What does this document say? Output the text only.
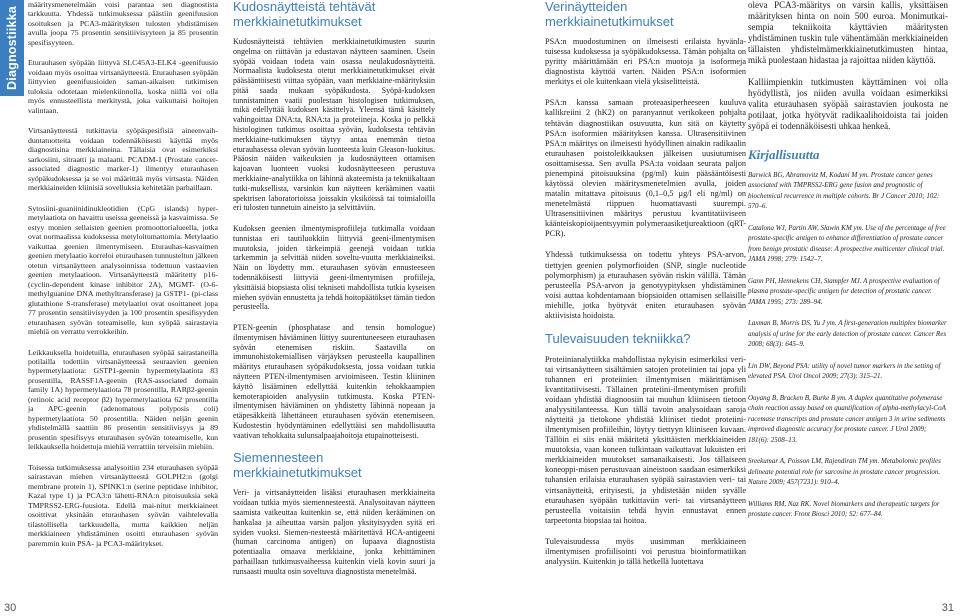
Diagnostiikka

määritysmenetelmään voisi parantaa sen diagnostista tarkkuutta. Yhdessä tutkimuksessa päästiin geenifuusion osoituksen ja PCA3-määrityksen tulosten yhdistämisen avulla joopa 75 prosentin sensitiivisyyteen ja 85 prosentin spesifisyyteen.

Eturauhasen syöpään liittyvä SLC45A3-ELK4 -geenifuusio voidaan myös osoittaa virtsanäytteestä. Eturauhasen syöpään liittyvien geenifuusioiden saman-aikaisen tutkimisen tuloksia odotetaan mielenkiinnolla, koska niillä voi olla myös ennusteellista merkitystä, joka vaikuttaisi hoitojen valintaan.

Virtsanäytteestä tutkittavia syöpäspesifisiä aineenvaih-duntatuotteita voidaan todennäköisesti käyttää myös diagnostisina merkkiaineina. Tällaisia ovat esimerkiksi sarkosiini, sitraatti ja malaatti. PCADM-1 (Prostate cancer-associated diagnostic marker-1) ilmentyy eturauhasen syöpäkudoksessa ja se voi määrittää myös virtsasta. Näiden merkkiaineiden kliinisiä sovelluksia kehitetään parhaillaan.

Sytosiini-guaniinidinukleotidien (CpG islands) hyper-metylaatiota on havaittu useissa geeneissä ja kasvaimissa. Se estyy monien sellaisten geenien promoottorialueella, jotka ovat normaalissa kudoksessa metyloitumattomia. Metylaatio vaikuttaa geenien ilmentymiseen. Eturauhas-kasvaimen geenien metylaatio korreloi eturauhasen tunnusteltun jälkeen otetun virtsanäytteen analysoinnissa todettuun vastaavien geenien metylaatioon. Virtsanäytteestä määritetty p16- (cyclin-dependent kinase inhibitor 2A), MGMT- (O-6-methylguanine DNA methyltransferase) ja GSTP1- (pi-class glutathione S-transferase) metylaatiot ovat osoittaneet jopa 77 prosentin sensitiivisyyden ja 100 prosentin spesifisyyden eturauhasen syövän toteamiselle, kun syöpää sairastavia miehiä on verrattu verrokkeihin.

Leikkauksella hoidetuilla, eturauhasen syöpää sairastaneilla potilailla todettiin virtsanäytteessä seuraavien geenien hypermetylaatiota: GSTP1-geenin hypermetylaatiota 83 prosentilla, RASSF1A-geenin (RAS-associated domain family 1A) hypermetylaatiota 78 prosentilla, RARβ2-geenin (retinoic acid receptor β2) hypermetylaatiota 62 prosentilla ja APC-geenin (adenomatous polyposis coli) hypermetylaatiota 50 prosentilla. Näiden neljän geenin yhdistelmällä saattiin 86 prosentin sensitiivisyys ja 89 prosentin spesifisyys eturauhasen syövän toteamiselle, kun leikkauksella hoidettuja miehiä verrattiin terveisiin miehiin.

Toisessa tutkimuksessa analysoitiin 234 eturauhasen syöpää sairastavan miehen virtsanäytteestä GOLPH2:n (golgi membrane protein 1), SPINK1:n (serine peptidase inhibitor, Kazal type 1) ja PCA3:n lähetti-RNA:n pitoisuuksia sekä TMPRSS2-ERG-fuusiota. Edellä mai-nitut merkkiaineet osoittivat yksinään eturauhasen syövän vaihtelevalla tilastollisella tarkkuudella, mutta kaikkien neljän merkkiaineen yhdistäminen osoitti eturauhasen syövän paremmin kuin PSA- ja PCA3-määritykset.

Kudosnäytteistä tehtävät
merkkiainetutkimukset

Kudosnäytteistä tehtävien merkkiainetutkimusten suurin ongelma on riittävän ja edustavan näytteen saaminen. Usein syöpää voidaan todeta vain osassa neulakudosnäytteitä. Normaalista kudoksesta otetut merkkiainetutkimukset eivät pääsääntöisesti viittaa syöpään, vaan merkkiaine-määrityksiin pitää saada mukaan syöpäkudosta. Syöpä-kudoksen tunnistaminen vaatii puolestaan histologisen tutkimuksen, mikä edellyttää kudoksen käsittelyä. Yleensä tämä käsittely vahingoittaa DNA:ta, RNA:ta ja proteiineja. Koska jo pelkkä histologinen tutkimus osoittaa syövän, kudoksesta tehtävän merkkiaine-tutkimuksen täytyy antaa enemmän tietoa eturauhasessa olevan syövän luonteesta kuin Gleason-luokitus. Pääosin näiden vaikeuksien ja kudosnäytteen ottamisen kajoavan luonteen vuoksi kudosnäytteeseen perustuva merkkiaine-analytiikka on lähinnä akateemista ja tekniikaltaan tutki-muksellista, varsinkin kun näytteen kerääminen vaatii spektrisen laboratorioissa joissakin yksiköissä tai toimialoilla eri tulosten tunnetuin aineisto ja selvittäviin.

Kudoksen geenien ilmentymisprofiileja tutkimalla voidaan tunnistaa eri tautiluokkiin liittyviä geeni-ilmentymisen muutoksia, joiden tärkeimpiä geenejä voidaan tutkia tarkemmin ja selvittää niiden soveltu-vuutta merkkiaineiksi. Näin on löydetty mm. eturauhasen syövän ennusteeseen todennäköisesti liittyviä geeni-ilmentymisen profiileja, yksittäisiä biopsiasta olisi tekniseti mahdollista tutkia kyseisen miehen syövän ennustetta ja tehdä hoitopäätökset tämän tiedon perusteella.

PTEN-geenin (phosphatase and tensin homologue) ilmentymisen häviäminen liittyy suurentuneeseen eturauhasen syövän etenemisen riskiin. Saatavilla on immunohistokemiallisen värjäyksen perusteella kaupallinen määritys eturauhasen syöpäkudoksesta, jossa voidaan tutkia näytteen PTEN-ilmentymisen arvioimiseen. Testin kliininen käyttö lisääminen edellyttää kuitenkin tehokkaampien kemoterapioiden analyysiin tutkimusta. Koska PTEN-ilmentymisen häviäminen on yhdistetty lähinnä nopeaan ja etäpesäkkeitä lähettäneen eturauhasen syövän etenemiseen. Kudostestin hyödyntäminen edellyttäisi sen mahdollisuutta vaativan tehokkaita sulunsalpaajahoitoja etupainotteisesti.

Siemennesteen
merkkiainetutkimukset

Veri- ja virtsanäytteiden lisäksi eturauhasen merkkiaineita voidaan tutkia myös siemennesteestä. Analysoitavan näytteen saamista vaikeuttaa kuitenkin se, että niiden kerääminen on hankalaa ja aiheuttaa varsin paljon yksityisyyden syitä eri syiden vuoksi. Siemen-nesteestä määritettävä HCA-antigeeni (human carcinoma antigen) on lupaava diagnostista potentiaalia omaava merkkiaine, jonka kehittäminen parhaillaan tutkimusvaiheessa kuitenkin vielä kovin suuri ja runsaasti muulta osin soveltuva diagnostista menetelmää.

Verinäytteiden
merkkiainetutkimukset

PSA:n muodostuminen on ilmeisesti erilaista hyvänla-tuisessa kudoksessa ja syöpäkudoksessa. Tämän pohjalta on pyritty määrittämään eri PSA:n muotoja ja isoformeja diagnostista käyttöä varten. Näiden PSA:n isoformien merkitys ei ole kuitenkaan vielä yksiselitteistä.

PSA:n kanssa samaan proteaasiperheeseen kuuluva kallikreiini 2 (hK2) on paranyannut verikokeen pohjalta tehtävän diagnostiikan osuvuutta, kun sitä on käytetty PSA:n isoformien määrityksen kanssa. Ultrasensitiivinen PSA:n määritys on ilmeisesti hyödyllinen ainakin radikaalin eturauhasen poistoleikkauksen jälkeisen uusiutumisen osoittamisessa. Sen avulla PSA:ta voidaan seurata paljon pienempinä pitoisuuksina (pg/ml) kuin pääsääntöisesti käytössä olevien määritysmenetelmien avulla, joiden matalin mitattava pitoisuus (0,1–0,5 μg/l eli ng/ml) on menetelmästä riippuen huomattavasti suurempi. Ultrasensitiivinen määritys perustuu kvantitatiiviseen käänteiskopioijaentsyymin polymeraasiketjureaktioon (qRT-PCR).

Yhdessä tutkimuksessa on todettu yhteys PSA-arvon, tiettyjen geenien polymorfioiden (SNP, single nucleotide polymorphism) ja eturauhasen syövän riskin välillä. Tämän perusteella PSA-arvon ja genotyypityksen yhdistäminen voisi auttaa kohdentamaan biopsioiden ottamisen sellaisille miehille, jotka hyötyvät eniten eturauhasen syövän aktiivisista hoidoista.

Tulevaisuuden tekniikka?

Proteiinianalytiikka mahdollistaa nykyisin esimerkiksi veri- tai virtsanäytteen sisältämien satojen proteiinien tai jopa yli tuhannen eri proteiinien ilmentymisen määrittämisen kvantitatiivisesti. Tällainen proteiini-ilmentymisen profiili voidaan yhdistää diagnoosiin tai muuhun kliiniseen tietoon analyysitilanteessa. Kun tällä tavoin analysoidaan saroja näytteitä ja tietokone yhdistää kliiniset tiedot proteiini-ilmentymisen profiileihin, löytyy tiettyyn kliiniseen kuvaan. Tällöin ei siis enää määritetä yksittäisten merkkiaineiden muutoksia, vaan koneen tulkintaan vaikuttavat lukuisten eri merkkiaineiden muutokset samanaikaisesti. Jos tällaiseen koneoppi-misen perustuvaan aineistoon saadaan esimerkiksi tuhansien erilaisia eturauhasen syöpää sairastavien veri- tai virtsanäytteitä, erityisesti, ja yhdistetään niiden syvälle eturauhasen syöpään tutkittaviin veri- tai virtsanäytteen perusteella voitaisiin tehdä hyvin ennustavat ennen tarpeetonta biopsiaa tai hoitoa.

Tulevaisuudessa myös uusimman merkkiaineen ilmentymisen profiilisointi voi perustua bioinformatiikan analyysiin. Kuitenkin jo tällä hetkellä luotettava

oleva PCA3-määritys on varsin kallis, yksittäisen määrityksen hinta on noin 500 euroa. Monimutkai-sempia tekniikoita käyttävien määritysten yhdistäminen tuskin tule vähentämään merkkiaineiden tällaisten yhdistelmämerkkiainetutkimusten hintaa, mikä puolestaan hidastaa ja rajoittaa niiden käyttöä.

Kalliimpienkin tutkimusten käyttäminen voi olla hyödyllistä, jos niiden avulla voidaan esimerkiksi valita eturauhasen syöpää sairastavien joukosta ne potilaat, jotka hyötyvät radikaalihoidoista tai joiden syöpä ei todennäköisesti uhkaa henkeä.

Kirjallisuutta

Barwick BG, Abramovitz M, Kodani M ym. Prostate cancer genes associated with TMPRSS2-ERG gene fusion and prognostic of biochemical recurrence in multiple cohorts. Br J Cancer 2010; 102: 570–6.

Catalona WJ, Partin AW, Slawin KM ym. Use of the percentage of free prostate-specific antigen to enhance differentiation of prostate cancer from benign prostatic disease: A prospective multicenter clinical trial. JAMA 1998; 279: 1542–7.

Gann PH, Hennekens CH, Stampfer MJ. A prospective evaluation of plasma prostate-specific antigen for detection of prostatic cancer. JAMA 1995; 273: 289–94.

Laxman B, Morris DS, Yu J ym. A first-generation multiplex biomarker analysis of urine for the early detection of prostate cancer. Cancer Res 2008; 68(3): 645–9.

Lin DW, Beyond PSA: utility of novel tumor markers in the setting of elevated PSA. Urol Oncol 2009; 27(3): 315–21.

Ouyang B, Bracken B, Burke B ym. A duplex quantitative polymerase chain reaction assay based on quantification of alpha-methylacyl-CoA racemase transcripts and prostate cancer antigen 3 in urine sediments improved diagnostic accuracy for prostate cancer. J Urol 2009; 181(6): 2508–13.

Sreekumar A, Poisson LM, Rajendiran TM ym. Metabolomic profiles delineate potential role for sarcosine in prostate cancer progression. Nature 2009; 457(7231): 910–4.

Williams RM, Naz RK. Novel biomarkers and therapeutic targets for prostate cancer. Front Biosci 2010; S2: 677–84.

30	31
